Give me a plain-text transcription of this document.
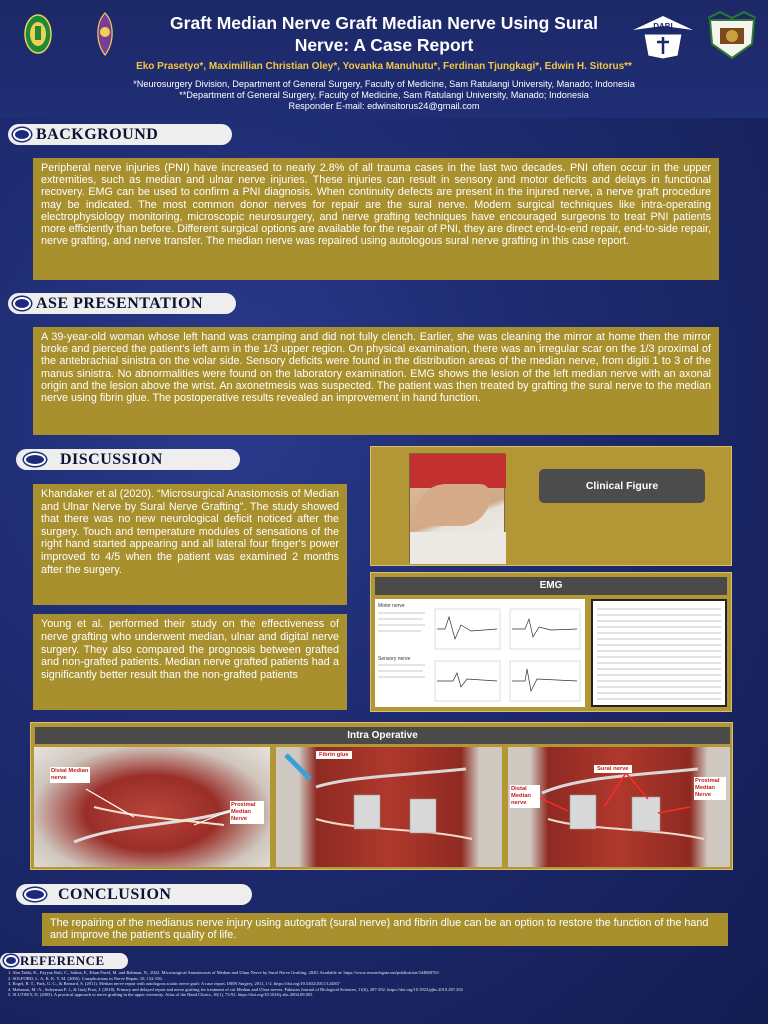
DABI
Graft Median Nerve Graft Median Nerve Using Sural Nerve: A Case Report
Eko Prasetyo*, Maximillian Christian Oley*, Yovanka Manuhutu*, Ferdinan Tjungkagi*, Edwin H. Sitorus**
*Neurosurgery Division, Department of General Surgery, Faculty of Medicine, Sam Ratulangi University, Manado; Indonesia
**Department of General Surgery, Faculty of Medicine, Sam Ratulangi University, Manado; Indonesia
Responder E-mail: edwinsitorus24@gmail.com
BACKGROUND
Peripheral nerve injuries (PNI) have increased to nearly 2.8% of all trauma cases in the last two decades. PNI often occur in the upper extremities, such as median and ulnar nerve injuries. These injuries can result in sensory and motor deficits and delays in functional recovery. EMG can be used to confirm a PNI diagnosis. When continuity defects are present in the injured nerve, a nerve graft procedure may be indicated. The most common donor nerves for repair are the sural nerve. Modern surgical techniques like intra-operating electrophysiology monitoring, microscopic neurosurgery, and nerve grafting techniques have encouraged surgeons to treat PNI patients more efficiently than before. Different surgical options are available for the repair of PNI, they are direct end-to-end repair, end-to-side repair, nerve grafting, and nerve transfer. The median nerve was repaired using autologous sural nerve grafting in this case report.
ASE PRESENTATION
A 39-year-old woman whose left hand was cramping and did not fully clench. Earlier, she was cleaning the mirror at home then the mirror broke and pierced the patient's left arm in the 1/3 upper region. On physical examination, there was an irregular scar on the 1/3 proximal of the antebrachial sinistra on the volar side. Sensory deficits were found in the distribution areas of the median nerve, from digiti 1 to 3 of the manus sinistra. No abnormalities were found on the laboratory examination. EMG shows the lesion of the left median nerve with an axonal origin and the lesion above the wrist. An axonetmesis was suspected. The patient was then treated by grafting the sural nerve to the median nerve using fibrin glue. The postoperative results revealed an improvement in hand function.
DISCUSSION
Khandaker et al (2020). “Microsurgical Anastomosis of Median and Ulnar Nerve by Sural Nerve Grafting”. The study showed that there was no new neurological deficit noticed after the surgery. Touch and temperature modules of sensations of the right hand started appearing and all lateral four finger's power improved to 4/5 when the patient was examined 2 months after the surgery.
Young et al. performed their study on the effectiveness of nerve grafting who underwent median, ulnar and digital nerve surgery. They also compared the prognosis between grafted and non-grafted patients. Median nerve grafted patients had a significantly better result than the non-grafted patients
Clinical Figure
EMG
Motor nerve
Sensory nerve
Intra Operative
Distal Median nerve
Proximal Median Nerve
Fibrin glue
Sural nerve
Distal Median nerve
Proximal Median Nerve
CONCLUSION
The repairing of the medianus nerve injury using autograft (sural nerve) and fibrin dlue can be an option to restore the function of the hand and improve the patient's quality of life.
REFERENCE
1. Abu Tabla, K., Fayyaz Rafi, C., Salma, F., Khan Pavel, M. and Rahman, N., 2022. Microsurgical Anastomosis of Median and Ulnar Nerve by Sural Nerve Grafting. 2020. Available at: https://www.researchgate.net/publication/344868763
2. SOLFORD, L. A. K. K. Y. M. (2005). Complications in Nerve Repair, 10, 152-156.
3. Rogel, B. T., Park, G. C., & Bernard, S. (2011). Median nerve repair with autologous sciatic nerve graft: A case report. ISRN Surgery, 2011, 1-2. https://doi.org/10.5402/2011/124567
4. Mabasmi, M.-A., Suleyman P. J., & Guej Pour, J. (2018). Primary and delayed repair and nerve grafting for treatment of cut Median and Ulnar nerves. Pakistan Journal of Biological Sciences, 11(6), 287-292. https://doi.org/10.3923/pjbs.2010.287.292
5. SLUTSKY, D. (2005). A practical approach to nerve grafting in the upper extremity. Atlas of the Hand Clinics, 10(1), 73-92. https://doi.org/10.1016/j.ahc.2004.09.003
